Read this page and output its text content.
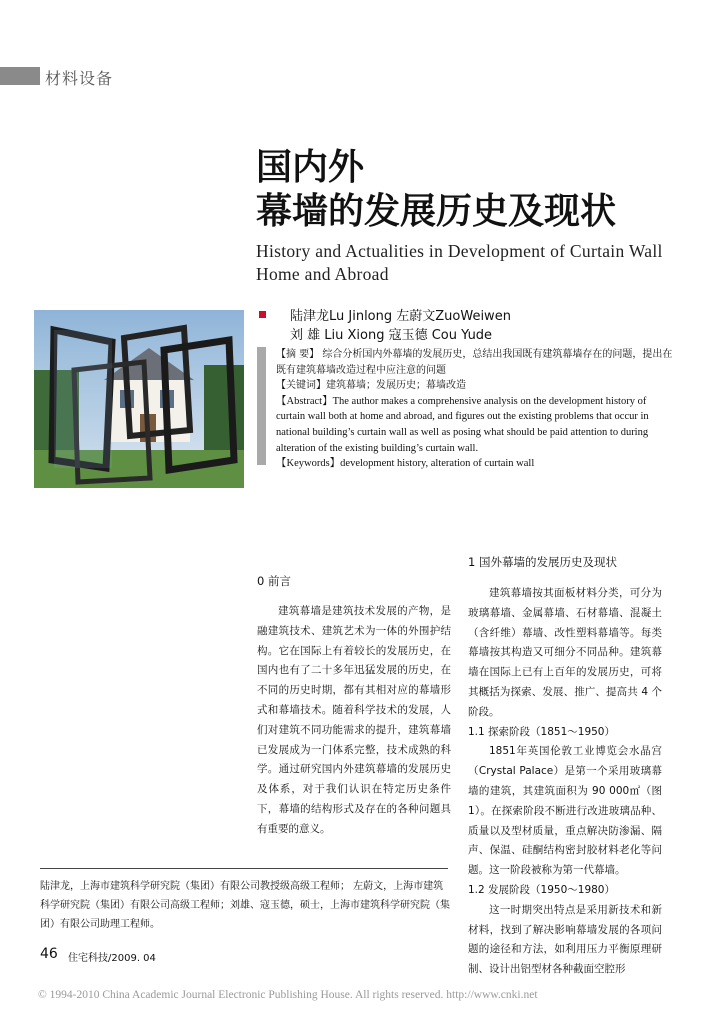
材料设备
国内外
幕墙的发展历史及现状
History and Actualities in Development of Curtain Wall
Home and Abroad
陆津龙Lu Jinlong 左蔚文ZuoWeiwen
刘 雄 Liu Xiong 寇玉德 Cou Yude
【摘 要】 综合分析国内外幕墙的发展历史，总结出我国既有建筑幕墙存在的问题，提出在既有建筑幕墙改造过程中应注意的问题
【关键词】建筑幕墙；发展历史；幕墙改造
【Abstract】The author makes a comprehensive analysis on the development history of curtain wall both at home and abroad, and figures out the existing problems that occur in national building’s curtain wall as well as posing what should be paid attention to during alteration of the existing building’s curtain wall.
【Keywords】development history, alteration of curtain wall
0 前言

建筑幕墙是建筑技术发展的产物，是融建筑技术、建筑艺术为一体的外围护结构。它在国际上有着较长的发展历史，在国内也有了二十多年迅猛发展的历史，在不同的历史时期，都有其相对应的幕墙形式和幕墙技术。随着科学技术的发展，人们对建筑不同功能需求的提升，建筑幕墙已发展成为一门体系完整，技术成熟的科学。通过研究国内外建筑幕墙的发展历史及体系，对于我们认识在特定历史条件下，幕墙的结构形式及存在的各种问题具有重要的意义。

1 国外幕墙的发展历史及现状

建筑幕墙按其面板材料分类，可分为玻璃幕墙、金属幕墙、石材幕墙、混凝土（含纤维）幕墙、改性塑料幕墙等。每类幕墙按其构造又可细分不同品种。建筑幕墙在国际上已有上百年的发展历史，可将其概括为探索、发展、推广、提高共 4 个阶段。

1.1 探索阶段（1851～1950）

1851年英国伦敦工业博览会水晶宫（Crystal Palace）是第一个采用玻璃幕墙的建筑，其建筑面积为 90 000㎡（图1）。在探索阶段不断进行改进玻璃品种、质量以及型材质量，重点解决防渗漏、隔声、保温、硅酮结构密封胶材料老化等问题。这一阶段被称为第一代幕墙。

1.2 发展阶段（1950～1980）

这一时期突出特点是采用新技术和新材料，找到了解决影响幕墙发展的各项问题的途径和方法，如利用压力平衡原理研制、设计出铝型材各种截面空腔形

陆津龙，上海市建筑科学研究院（集团）有限公司教授级高级工程师； 左蔚文，上海市建筑科学研究院（集团）有限公司高级工程师；刘雄、寇玉德，硕士，上海市建筑科学研究院（集团）有限公司助理工程师。
46 住宅科技/2009. 04
© 1994-2010 China Academic Journal Electronic Publishing House. All rights reserved. http://www.cnki.net
